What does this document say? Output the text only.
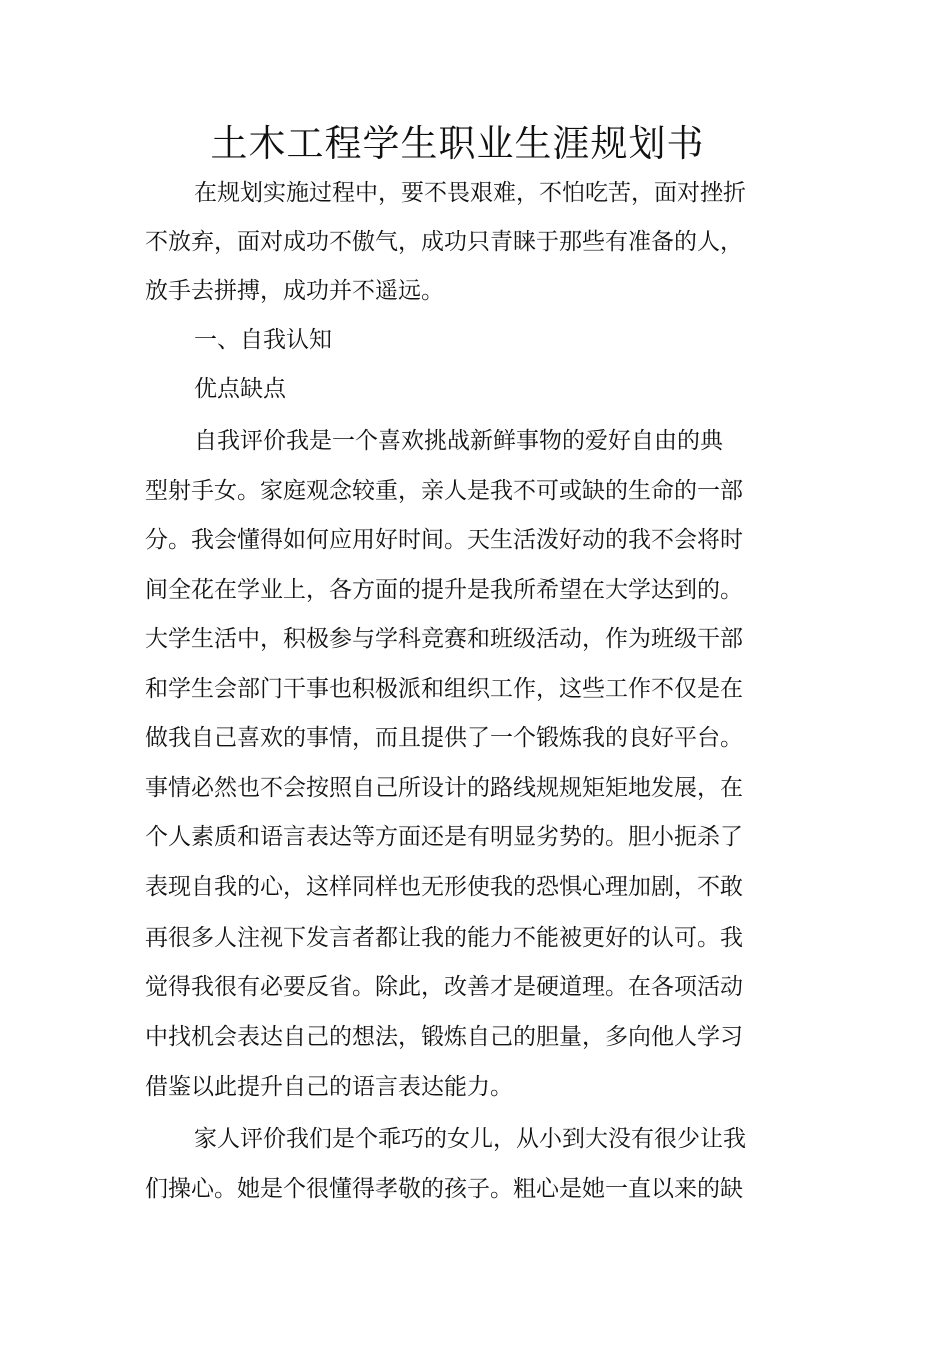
土木工程学生职业生涯规划书

在规划实施过程中，要不畏艰难，不怕吃苦，面对挫折

不放弃，面对成功不傲气，成功只青睐于那些有准备的人，

放手去拼搏，成功并不遥远。

一、自我认知

优点缺点

自我评价我是一个喜欢挑战新鲜事物的爱好自由的典

型射手女。家庭观念较重，亲人是我不可或缺的生命的一部

分。我会懂得如何应用好时间。天生活泼好动的我不会将时

间全花在学业上，各方面的提升是我所希望在大学达到的。

大学生活中，积极参与学科竞赛和班级活动，作为班级干部

和学生会部门干事也积极派和组织工作，这些工作不仅是在

做我自己喜欢的事情，而且提供了一个锻炼我的良好平台。

事情必然也不会按照自己所设计的路线规规矩矩地发展，在

个人素质和语言表达等方面还是有明显劣势的。胆小扼杀了

表现自我的心，这样同样也无形使我的恐惧心理加剧，不敢

再很多人注视下发言者都让我的能力不能被更好的认可。我

觉得我很有必要反省。除此，改善才是硬道理。在各项活动

中找机会表达自己的想法，锻炼自己的胆量，多向他人学习

借鉴以此提升自己的语言表达能力。

家人评价我们是个乖巧的女儿，从小到大没有很少让我

们操心。她是个很懂得孝敬的孩子。粗心是她一直以来的缺
